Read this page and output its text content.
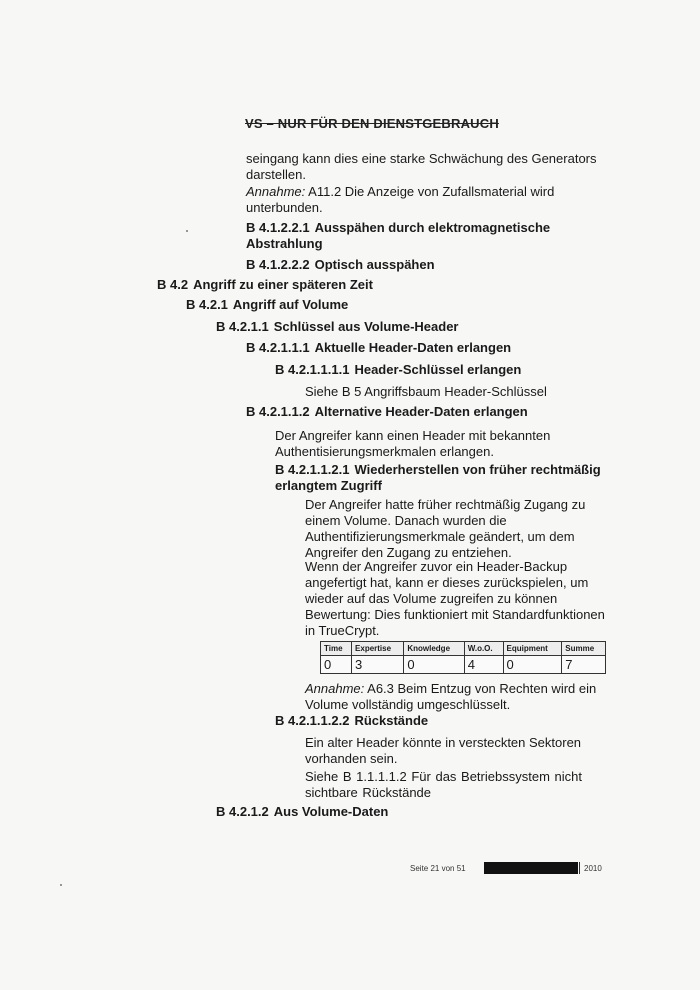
VS – NUR FÜR DEN DIENSTGEBRAUCH

seingang kann dies eine starke Schwächung des Generators darstellen.

Annahme: A11.2 Die Anzeige von Zufallsmaterial wird unterbunden.

B 4.1.2.2.1 Ausspähen durch elektromagnetische Abstrahlung
B 4.1.2.2.2 Optisch ausspähen
B 4.2 Angriff zu einer späteren Zeit
B 4.2.1 Angriff auf Volume
B 4.2.1.1 Schlüssel aus Volume-Header
B 4.2.1.1.1 Aktuelle Header-Daten erlangen
B 4.2.1.1.1.1 Header-Schlüssel erlangen

Siehe B 5 Angriffsbaum Header-Schlüssel

B 4.2.1.1.2 Alternative Header-Daten erlangen

Der Angreifer kann einen Header mit bekannten Authentisierungsmerkmalen erlangen.

B 4.2.1.1.2.1 Wiederherstellen von früher rechtmäßig erlangtem Zugriff

Der Angreifer hatte früher rechtmäßig Zugang zu einem Volume. Danach wurden die Authentifizierungsmerkmale geändert, um dem Angreifer den Zugang zu entziehen.

Wenn der Angreifer zuvor ein Header-Backup angefertigt hat, kann er dieses zurückspielen, um wieder auf das Volume zugreifen zu können

Bewertung: Dies funktioniert mit Standardfunktionen in TrueCrypt.

Time	Expertise	Knowledge	W.o.O.	Equipment	Summe
0	3	0	4	0	7

Annahme: A6.3 Beim Entzug von Rechten wird ein Volume vollständig umgeschlüsselt.

B 4.2.1.1.2.2 Rückstände

Ein alter Header könnte in versteckten Sektoren vorhanden sein.

Siehe B 1.1.1.1.2 Für das Betriebssystem nicht sichtbare Rückstände

B 4.2.1.2 Aus Volume-Daten
Seite 21 von 51	2010
